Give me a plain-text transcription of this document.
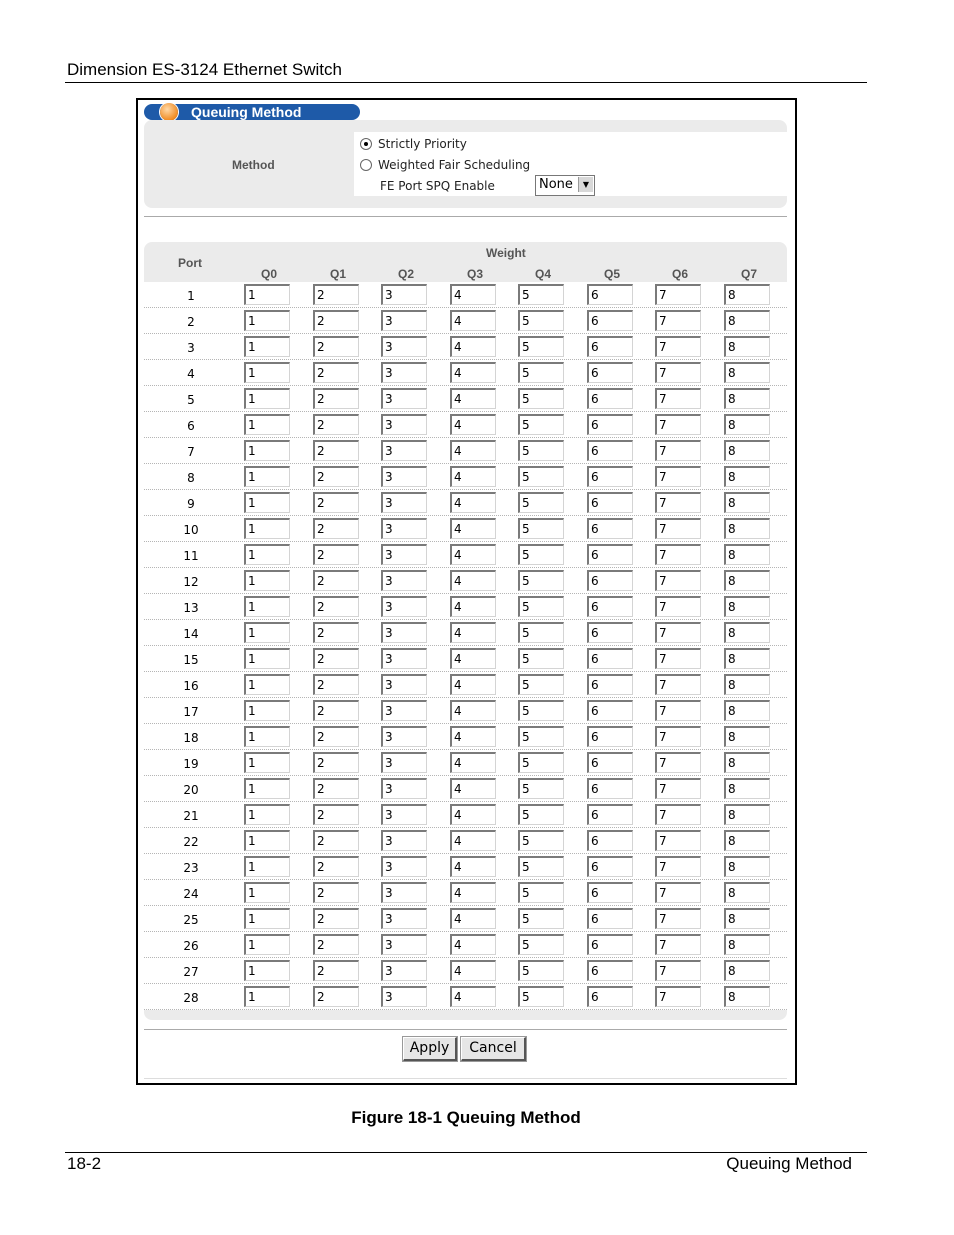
Dimension ES-3124 Ethernet Switch
Queuing Method
Method
Strictly Priority
Weighted Fair Scheduling
FE Port SPQ Enable	None	▼
Port
Weight
Q0	Q1	Q2	Q3	Q4	Q5	Q6	Q7
1	1	2	3	4	5	6	7	8
2	1	2	3	4	5	6	7	8
3	1	2	3	4	5	6	7	8
4	1	2	3	4	5	6	7	8
5	1	2	3	4	5	6	7	8
6	1	2	3	4	5	6	7	8
7	1	2	3	4	5	6	7	8
8	1	2	3	4	5	6	7	8
9	1	2	3	4	5	6	7	8
10	1	2	3	4	5	6	7	8
11	1	2	3	4	5	6	7	8
12	1	2	3	4	5	6	7	8
13	1	2	3	4	5	6	7	8
14	1	2	3	4	5	6	7	8
15	1	2	3	4	5	6	7	8
16	1	2	3	4	5	6	7	8
17	1	2	3	4	5	6	7	8
18	1	2	3	4	5	6	7	8
19	1	2	3	4	5	6	7	8
20	1	2	3	4	5	6	7	8
21	1	2	3	4	5	6	7	8
22	1	2	3	4	5	6	7	8
23	1	2	3	4	5	6	7	8
24	1	2	3	4	5	6	7	8
25	1	2	3	4	5	6	7	8
26	1	2	3	4	5	6	7	8
27	1	2	3	4	5	6	7	8
28	1	2	3	4	5	6	7	8
Apply	Cancel
Figure 18-1 Queuing Method
18-2	Queuing Method
